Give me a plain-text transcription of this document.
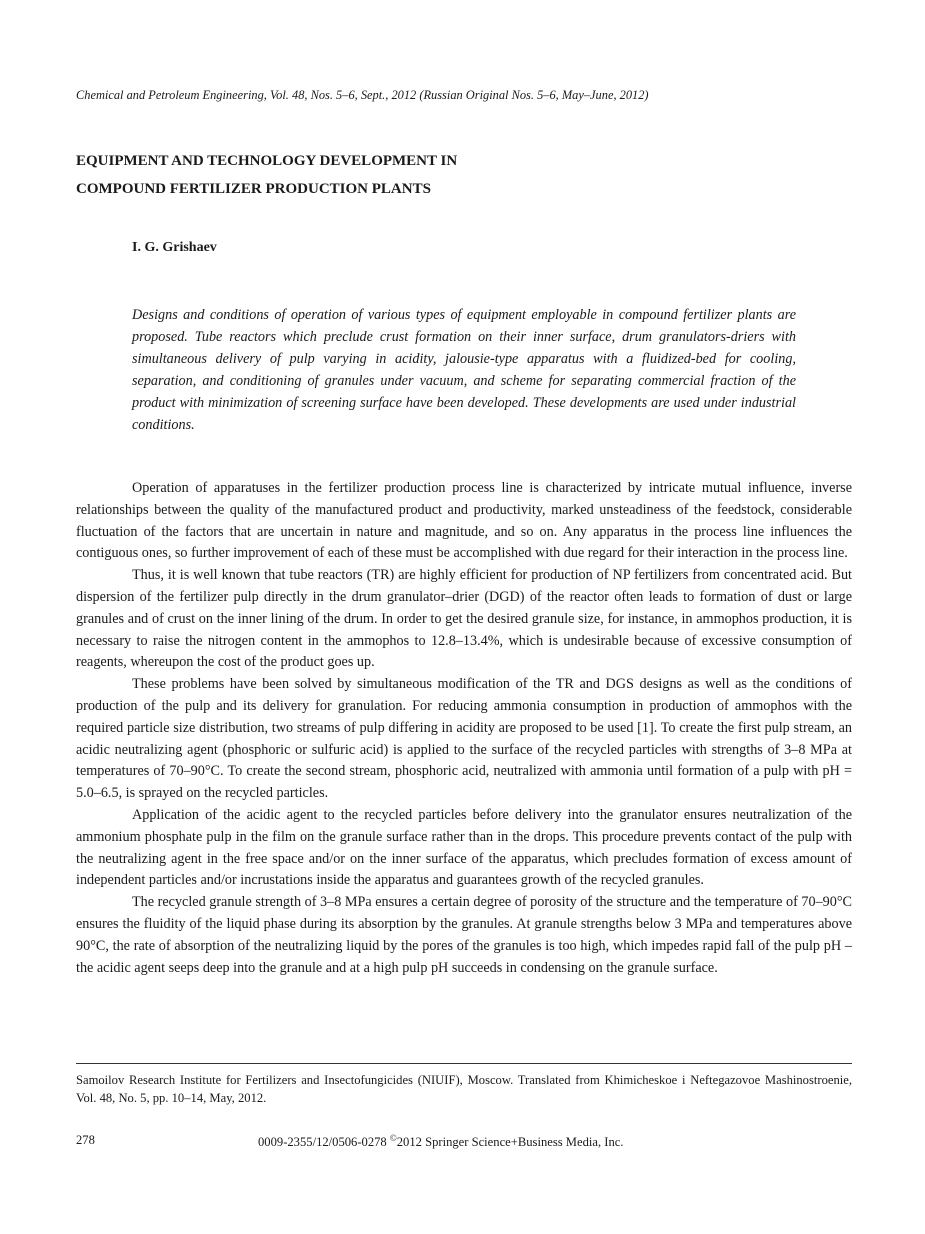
Chemical and Petroleum Engineering, Vol. 48, Nos. 5–6, Sept., 2012 (Russian Original Nos. 5–6, May–June, 2012)
EQUIPMENT AND TECHNOLOGY DEVELOPMENT IN
COMPOUND FERTILIZER PRODUCTION PLANTS
I. G. Grishaev

Designs and conditions of operation of various types of equipment employable in compound fertilizer plants are proposed. Tube reactors which preclude crust formation on their inner surface, drum granulators-driers with simultaneous delivery of pulp varying in acidity, jalousie-type apparatus with a fluidized-bed for cooling, separation, and conditioning of granules under vacuum, and scheme for separating commercial fraction of the product with minimization of screening surface have been developed. These developments are used under industrial conditions.

Operation of apparatuses in the fertilizer production process line is characterized by intricate mutual influence, inverse relationships between the quality of the manufactured product and productivity, marked unsteadiness of the feedstock, considerable fluctuation of the factors that are uncertain in nature and magnitude, and so on. Any apparatus in the process line influences the contiguous ones, so further improvement of each of these must be accomplished with due regard for their interaction in the process line.

Thus, it is well known that tube reactors (TR) are highly efficient for production of NP fertilizers from concentrated acid. But dispersion of the fertilizer pulp directly in the drum granulator–drier (DGD) of the reactor often leads to formation of dust or large granules and of crust on the inner lining of the drum. In order to get the desired granule size, for instance, in ammophos production, it is necessary to raise the nitrogen content in the ammophos to 12.8–13.4%, which is undesirable because of excessive consumption of reagents, whereupon the cost of the product goes up.

These problems have been solved by simultaneous modification of the TR and DGS designs as well as the conditions of production of the pulp and its delivery for granulation. For reducing ammonia consumption in production of ammophos with the required particle size distribution, two streams of pulp differing in acidity are proposed to be used [1]. To create the first pulp stream, an acidic neutralizing agent (phosphoric or sulfuric acid) is applied to the surface of the recycled particles with strengths of 3–8 MPa at temperatures of 70–90°C. To create the second stream, phosphoric acid, neutralized with ammonia until formation of a pulp with pH = 5.0–6.5, is sprayed on the recycled particles.

Application of the acidic agent to the recycled particles before delivery into the granulator ensures neutralization of the ammonium phosphate pulp in the film on the granule surface rather than in the drops. This procedure prevents contact of the pulp with the neutralizing agent in the free space and/or on the inner surface of the apparatus, which precludes formation of excess amount of independent particles and/or incrustations inside the apparatus and guarantees growth of the recycled granules.

The recycled granule strength of 3–8 MPa ensures a certain degree of porosity of the structure and the temperature of 70–90°C ensures the fluidity of the liquid phase during its absorption by the granules. At granule strengths below 3 MPa and temperatures above 90°C, the rate of absorption of the neutralizing liquid by the pores of the granules is too high, which impedes rapid fall of the pulp pH – the acidic agent seeps deep into the granule and at a high pulp pH succeeds in condensing on the granule surface.

Samoilov Research Institute for Fertilizers and Insectofungicides (NIUIF), Moscow. Translated from Khimicheskoe i Neftegazovoe Mashinostroenie, Vol. 48, No. 5, pp. 10–14, May, 2012.

278	0009-2355/12/0506-0278 ©2012 Springer Science+Business Media, Inc.
